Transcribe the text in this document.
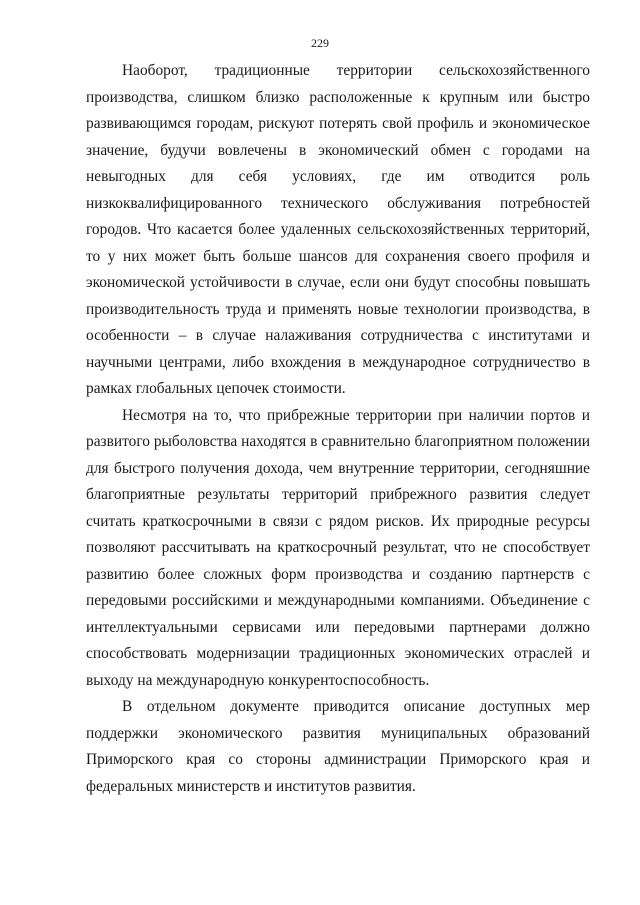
229

Наоборот, традиционные территории сельскохозяйственного производства, слишком близко расположенные к крупным или быстро развивающимся городам, рискуют потерять свой профиль и экономическое значение, будучи вовлечены в экономический обмен с городами на невыгодных для себя условиях, где им отводится роль низкоквалифицированного технического обслуживания потребностей городов. Что касается более удаленных сельскохозяйственных территорий, то у них может быть больше шансов для сохранения своего профиля и экономической устойчивости в случае, если они будут способны повышать производительность труда и применять новые технологии производства, в особенности – в случае налаживания сотрудничества с институтами и научными центрами, либо вхождения в международное сотрудничество в рамках глобальных цепочек стоимости.

Несмотря на то, что прибрежные территории при наличии портов и развитого рыболовства находятся в сравнительно благоприятном положении для быстрого получения дохода, чем внутренние территории, сегодняшние благоприятные результаты территорий прибрежного развития следует считать краткосрочными в связи с рядом рисков. Их природные ресурсы позволяют рассчитывать на краткосрочный результат, что не способствует развитию более сложных форм производства и созданию партнерств с передовыми российскими и международными компаниями. Объединение с интеллектуальными сервисами или передовыми партнерами должно способствовать модернизации традиционных экономических отраслей и выходу на международную конкурентоспособность.

В отдельном документе приводится описание доступных мер поддержки экономического развития муниципальных образований Приморского края со стороны администрации Приморского края и федеральных министерств и институтов развития.
